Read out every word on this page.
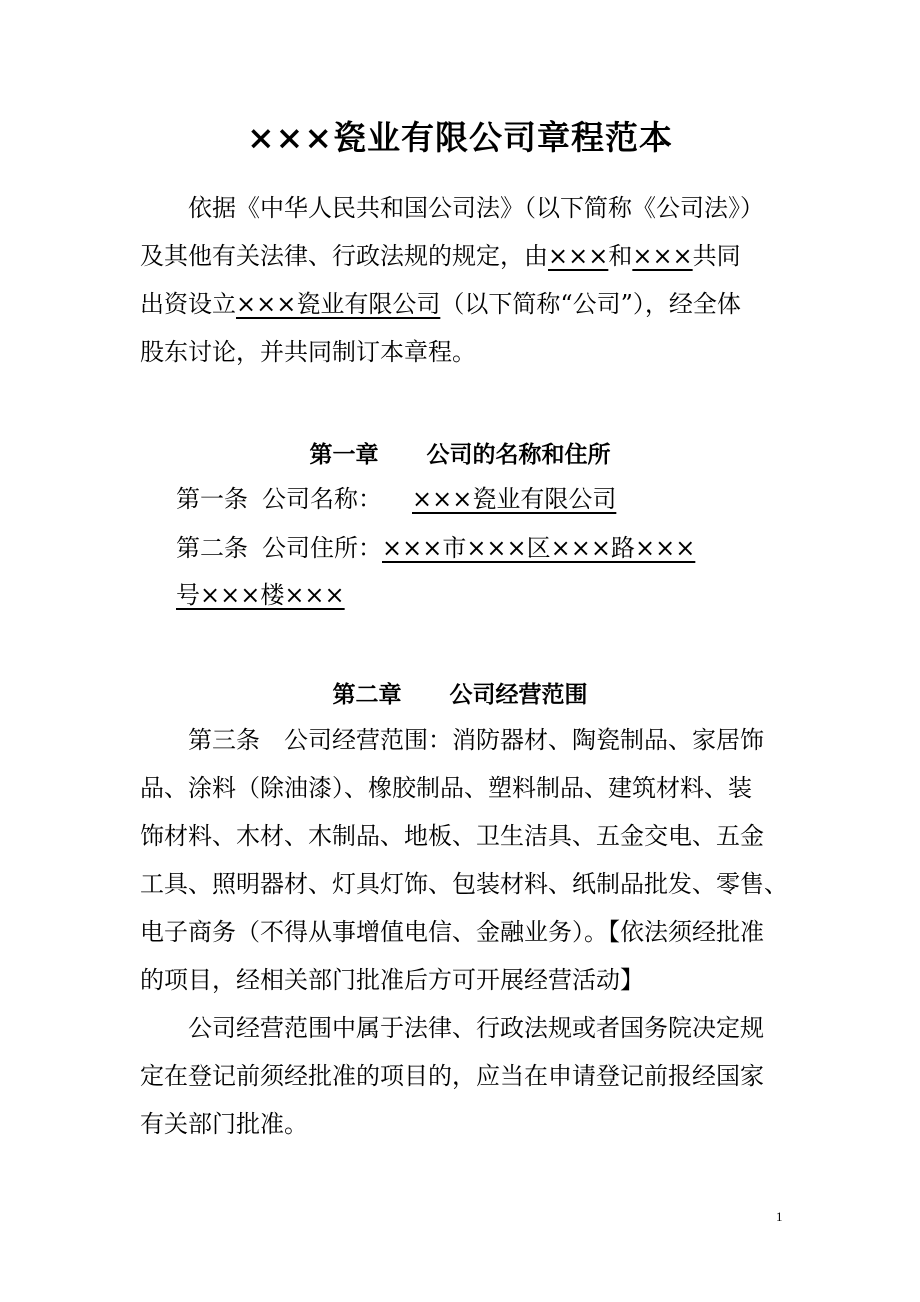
×××瓷业有限公司章程范本
依据《中华人民共和国公司法》（以下简称《公司法》）
及其他有关法律、行政法规的规定，由×××和×××共同
出资设立×××瓷业有限公司（以下简称“公司”），经全体
股东讨论，并共同制订本章程。
第一章 公司的名称和住所
第一条 公司名称： ×××瓷业有限公司
第二条 公司住所：×××市×××区×××路×××
号×××楼×××
第二章 公司经营范围
第三条　公司经营范围：消防器材、陶瓷制品、家居饰
品、涂料（除油漆）、橡胶制品、塑料制品、建筑材料、装
饰材料、木材、木制品、地板、卫生洁具、五金交电、五金
工具、照明器材、灯具灯饰、包装材料、纸制品批发、零售、
电子商务（不得从事增值电信、金融业务）。【依法须经批准
的项目，经相关部门批准后方可开展经营活动】
公司经营范围中属于法律、行政法规或者国务院决定规
定在登记前须经批准的项目的，应当在申请登记前报经国家
有关部门批准。
1
